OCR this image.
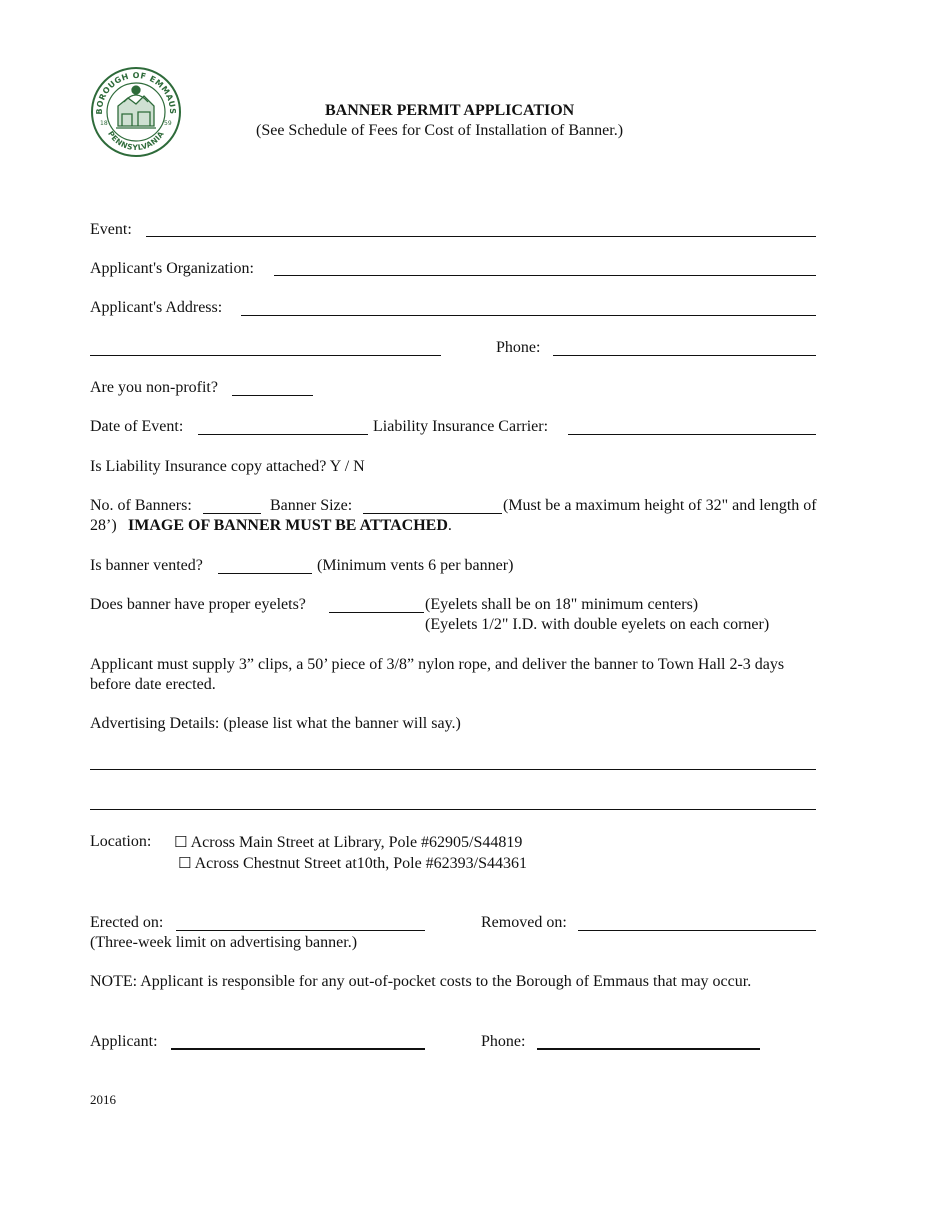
BOROUGH OF EMMAUS
PENNSYLVANIA
18	59
BANNER PERMIT APPLICATION
(See Schedule of Fees for Cost of Installation of Banner.)
Event:
Applicant's Organization:
Applicant's Address:
Phone:
Are you non-profit?
Date of Event:	Liability Insurance Carrier:
Is Liability Insurance copy attached? Y / N
No. of Banners:	Banner Size:	(Must be a maximum height of 32" and length of
28’) IMAGE OF BANNER MUST BE ATTACHED.
Is banner vented?	(Minimum vents 6 per banner)
Does banner have proper eyelets?	(Eyelets shall be on 18" minimum centers)
(Eyelets 1/2" I.D. with double eyelets on each corner)
Applicant must supply 3” clips, a 50’ piece of 3/8” nylon rope, and deliver the banner to Town Hall 2-3 days
before date erected.
Advertising Details: (please list what the banner will say.)
Location: ☐ Across Main Street at Library, Pole #62905/S44819
☐ Across Chestnut Street at10th, Pole #62393/S44361
Erected on:	Removed on:
(Three-week limit on advertising banner.)
NOTE: Applicant is responsible for any out-of-pocket costs to the Borough of Emmaus that may occur.
Applicant:	Phone:
2016
